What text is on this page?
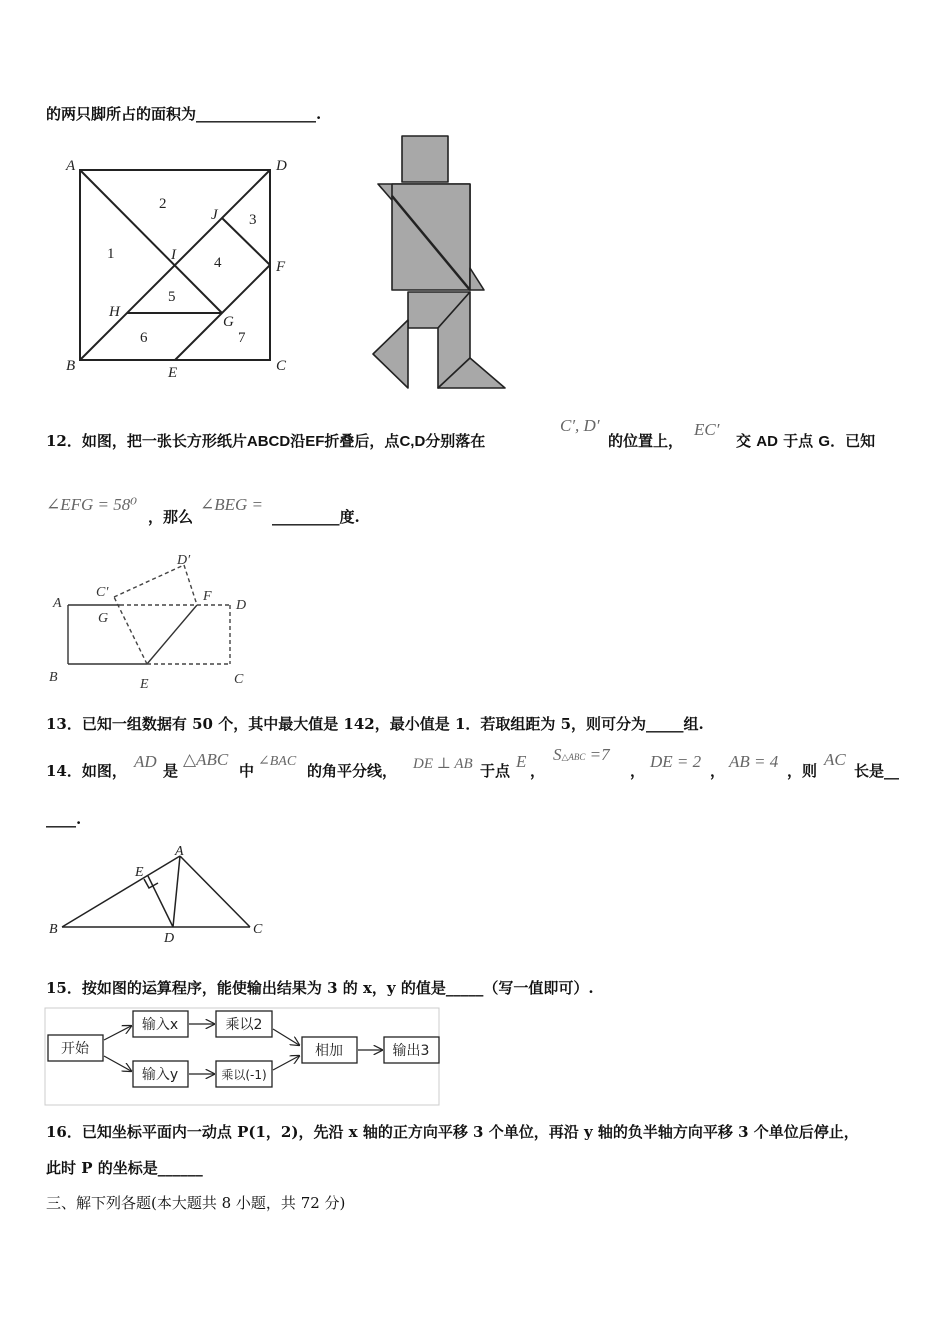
的两只脚所占的面积为________________.
A	D
B	C
E
F
G
H
I
J
1
2
3
4
5
6	7
12．如图，把一张长方形纸片ABCD沿EF折叠后，点C,D分别落在
C′, D′
的位置上，
EC′
交 AD 于点 G．已知
∠EFG = 58⁰
，那么
∠BEG =
_________度.
A
B	C
D
E
F
G
C′
D′
13．已知一组数据有 50 个，其中最大值是 142，最小值是 1．若取组距为 5，则可分为_____组.
14．如图， AD 是
△ABC
中
∠BAC
的角平分线， DE ⊥ AB 于点 E ，
S△ABC =7
， DE = 2 ， AB = 4 ，则
AC
长是__
____.
A
B	C
D
E
15．按如图的运算程序，能使输出结果为 3 的 x，y 的值是_____（写一值即可）.
开始
输入x
输入y
乘以2
乘以(-1)
相加	输出3
16．已知坐标平面内一动点 P(1，2)，先沿 x 轴的正方向平移 3 个单位，再沿 y 轴的负半轴方向平移 3 个单位后停止，
此时 P 的坐标是______
三、解下列各题(本大题共 8 小题，共 72 分)
